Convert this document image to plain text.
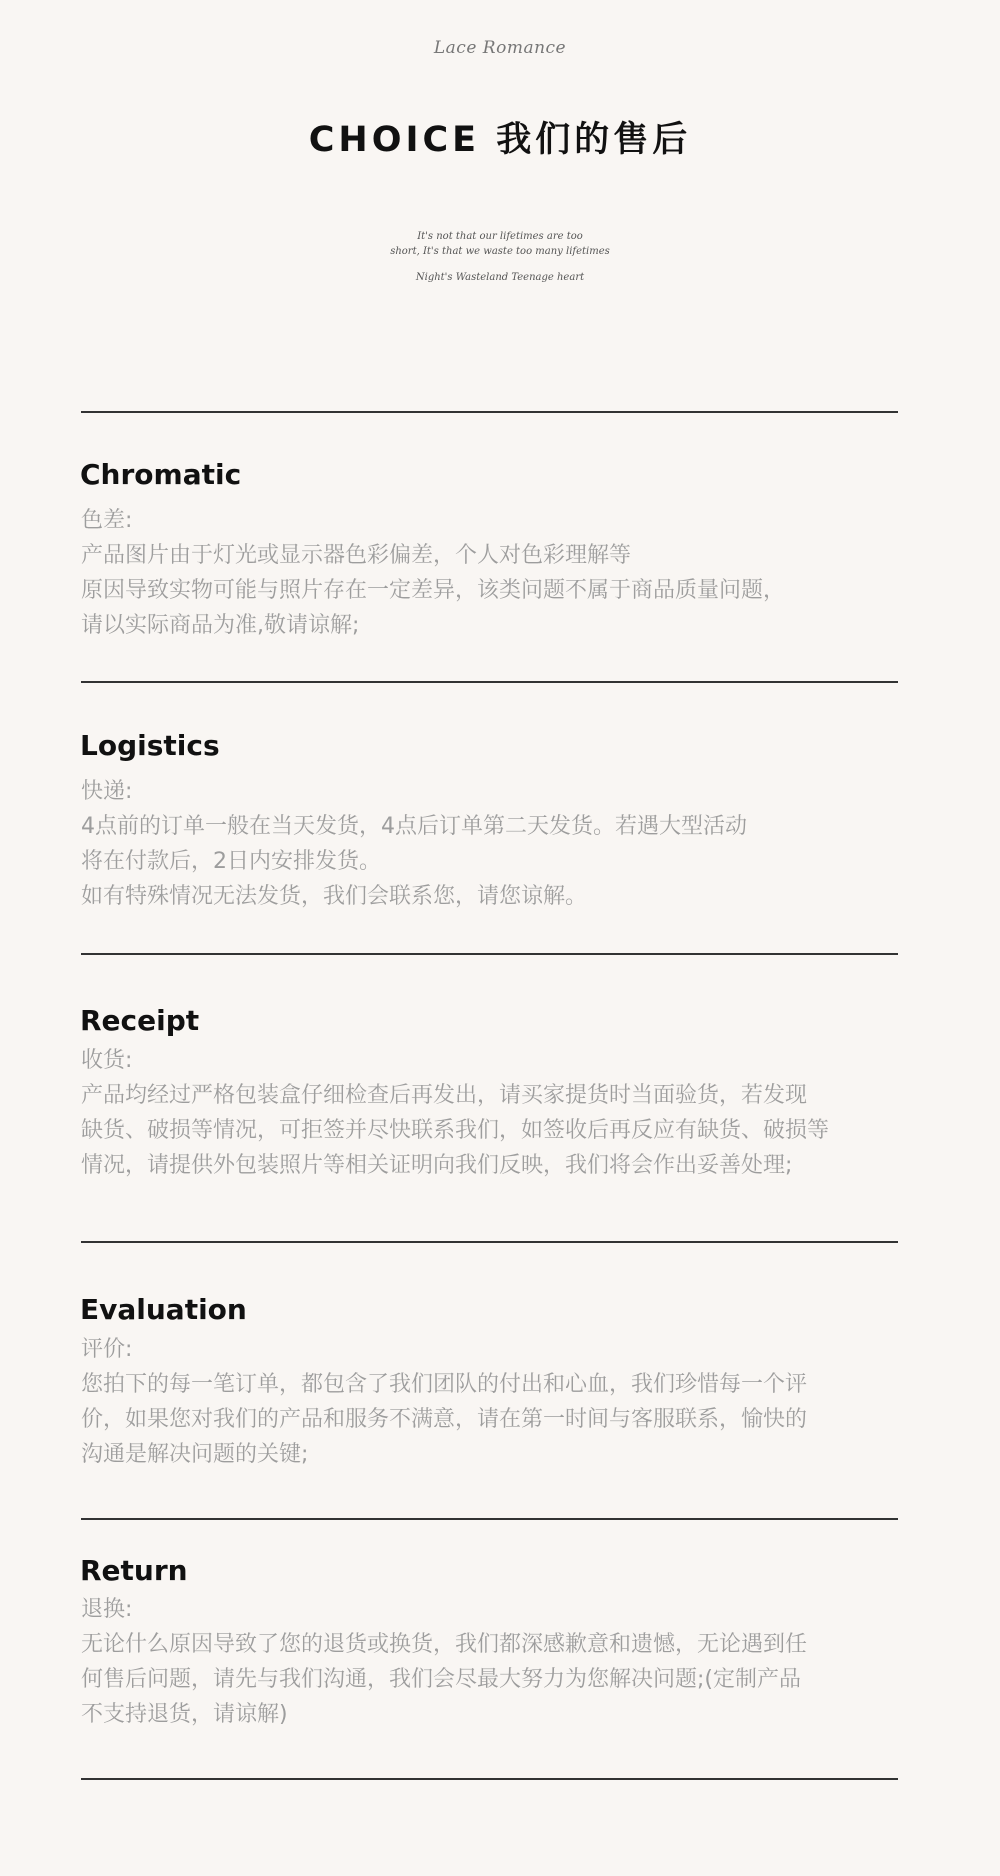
Lace Romance
CHOICE 我们的售后
It's not that our lifetimes are too
short, It's that we waste too many lifetimes
Night's Wasteland Teenage heart
Chromatic
色差:
产品图片由于灯光或显示器色彩偏差，个人对色彩理解等
原因导致实物可能与照片存在一定差异，该类问题不属于商品质量问题，
请以实际商品为准,敬请谅解;
Logistics
快递:
4点前的订单一般在当天发货，4点后订单第二天发货。若遇大型活动
将在付款后，2日内安排发货。
如有特殊情况无法发货，我们会联系您，请您谅解。
Receipt
收货:
产品均经过严格包装盒仔细检查后再发出，请买家提货时当面验货，若发现
缺货、破损等情况，可拒签并尽快联系我们，如签收后再反应有缺货、破损等
情况，请提供外包装照片等相关证明向我们反映，我们将会作出妥善处理;
Evaluation
评价:
您拍下的每一笔订单，都包含了我们团队的付出和心血，我们珍惜每一个评
价，如果您对我们的产品和服务不满意，请在第一时间与客服联系，愉快的
沟通是解决问题的关键;
Return
退换:
无论什么原因导致了您的退货或换货，我们都深感歉意和遗憾，无论遇到任
何售后问题，请先与我们沟通，我们会尽最大努力为您解决问题;(定制产品
不支持退货，请谅解)
